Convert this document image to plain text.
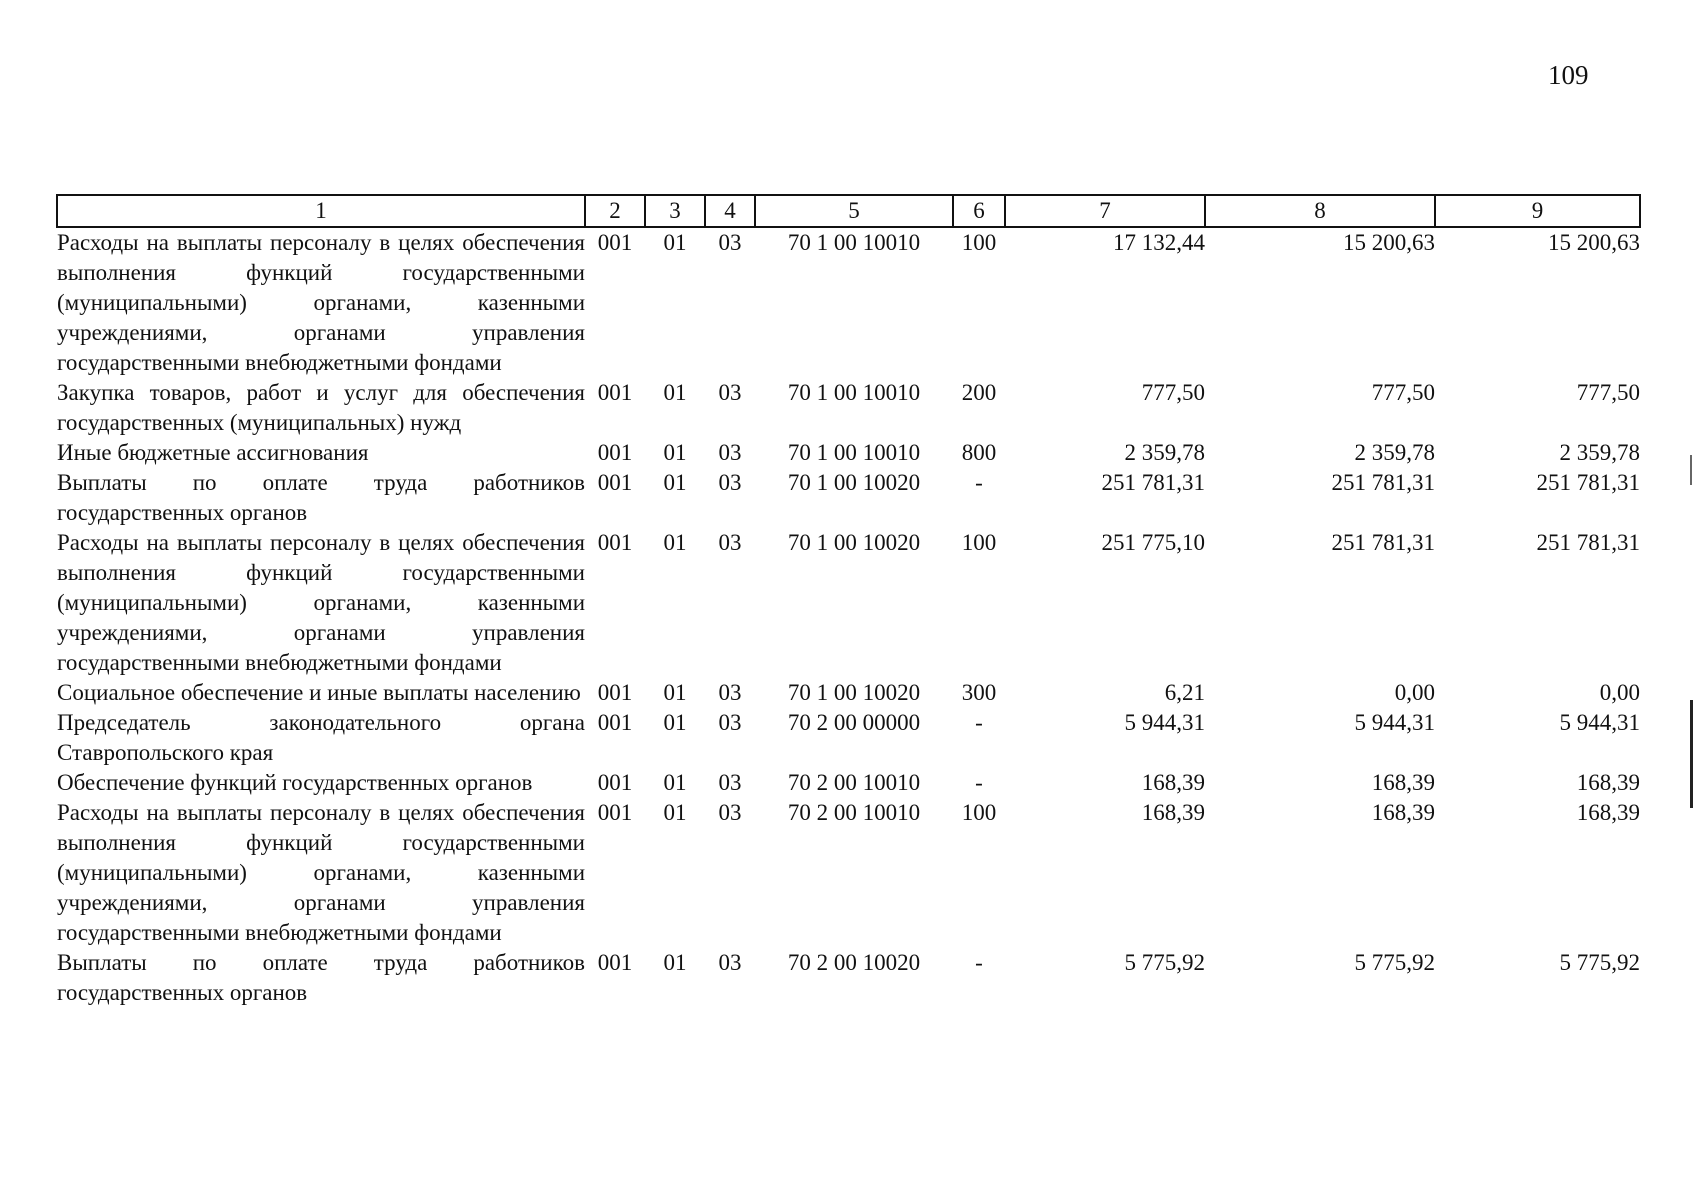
109
1	2	3	4	5	6	7	8	9
Расходы на выплаты персоналу в целях обеспечения выполнения функций государственными (муниципальными) органами, казенными учреждениями, органами управления государственными внебюджетными фондами	001	01	03	70 1 00 10010	100	17 132,44	15 200,63	15 200,63
Закупка товаров, работ и услуг для обеспечения государственных (муниципальных) нужд	001	01	03	70 1 00 10010	200	777,50	777,50	777,50
Иные бюджетные ассигнования	001	01	03	70 1 00 10010	800	2 359,78	2 359,78	2 359,78
Выплаты по оплате труда работников государственных органов	001	01	03	70 1 00 10020	-	251 781,31	251 781,31	251 781,31
Расходы на выплаты персоналу в целях обеспечения выполнения функций государственными (муниципальными) органами, казенными учреждениями, органами управления государственными внебюджетными фондами	001	01	03	70 1 00 10020	100	251 775,10	251 781,31	251 781,31
Социальное обеспечение и иные выплаты населению	001	01	03	70 1 00 10020	300	6,21	0,00	0,00
Председатель законодательного органа Ставропольского края	001	01	03	70 2 00 00000	-	5 944,31	5 944,31	5 944,31
Обеспечение функций государственных органов	001	01	03	70 2 00 10010	-	168,39	168,39	168,39
Расходы на выплаты персоналу в целях обеспечения выполнения функций государственными (муниципальными) органами, казенными учреждениями, органами управления государственными внебюджетными фондами	001	01	03	70 2 00 10010	100	168,39	168,39	168,39
Выплаты по оплате труда работников государственных органов	001	01	03	70 2 00 10020	-	5 775,92	5 775,92	5 775,92
